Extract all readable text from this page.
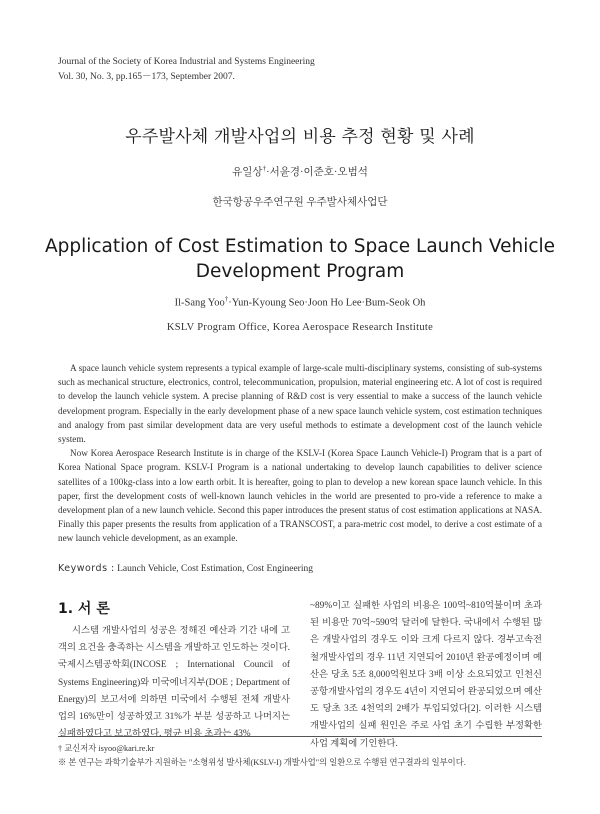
Journal of the Society of Korea Industrial and Systems Engineering
Vol. 30, No. 3, pp.165－173, September 2007.
우주발사체 개발사업의 비용 추정 현황 및 사례
유일상†·서윤경·이준호·오범석
한국항공우주연구원 우주발사체사업단
Application of Cost Estimation to Space Launch Vehicle
Development Program
Il-Sang Yoo†·Yun-Kyoung Seo·Joon Ho Lee·Bum-Seok Oh
KSLV Program Office, Korea Aerospace Research Institute

A space launch vehicle system represents a typical example of large-scale multi-disciplinary systems, consisting of sub-systems such as mechanical structure, electronics, control, telecommunication, propulsion, material engineering etc. A lot of cost is required to develop the launch vehicle system. A precise planning of R&D cost is very essential to make a success of the launch vehicle development program. Especially in the early development phase of a new space launch vehicle system, cost estimation techniques and analogy from past similar development data are very useful methods to estimate a development cost of the launch vehicle system.

Now Korea Aerospace Research Institute is in charge of the KSLV-I (Korea Space Launch Vehicle-I) Program that is a part of Korea National Space program. KSLV-I Program is a national undertaking to develop launch capabilities to deliver science satellites of a 100kg-class into a low earth orbit. It is hereafter, going to plan to develop a new korean space launch vehicle. In this paper, first the development costs of well-known launch vehicles in the world are presented to pro-vide a reference to make a development plan of a new launch vehicle. Second this paper introduces the present status of cost estimation applications at NASA. Finally this paper presents the results from application of a TRANSCOST, a para-metric cost model, to derive a cost estimate of a new launch vehicle development, as an example.

Keywords : Launch Vehicle, Cost Estimation, Cost Engineering
1. 서 론

시스템 개발사업의 성공은 정해진 예산과 기간 내에 고객의 요건을 충족하는 시스템을 개발하고 인도하는 것이다. 국제시스템공학회(INCOSE ; International Council of Systems Engineering)와 미국에너지부(DOE ; Department of Energy)의 보고서에 의하면 미국에서 수행된 전체 개발사업의 16%만이 성공하였고 31%가 부분 성공하고 나머지는 실패하였다고 보고하였다. 평균 비용 초과는 43%

~89%이고 실패한 사업의 비용은 100억~810억불이며 초과된 비용만 70억~590억 달러에 달한다. 국내에서 수행된 많은 개발사업의 경우도 이와 크게 다르지 않다. 경부고속전철개발사업의 경우 11년 지연되어 2010년 완공예정이며 예산은 당초 5조 8,000억원보다 3배 이상 소요되었고 인천신공항개발사업의 경우도 4년이 지연되어 완공되었으며 예산도 당초 3조 4천억의 2배가 투입되었다[2]. 이러한 시스템 개발사업의 실패 원인은 주로 사업 초기 수립한 부정확한 사업 계획에 기인한다.

† 교신저자 isyoo@kari.re.kr
※ 본 연구는 과학기술부가 지원하는 "소형위성 발사체(KSLV-I) 개발사업"의 일환으로 수행된 연구결과의 일부이다.
